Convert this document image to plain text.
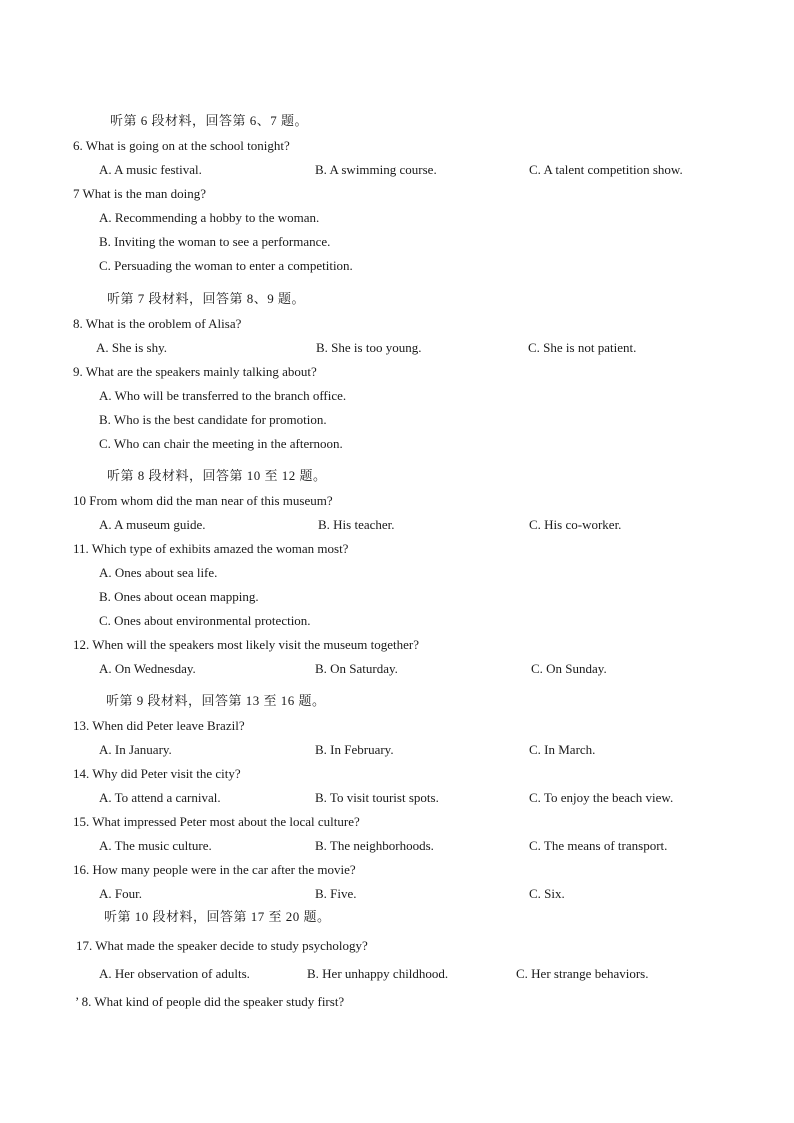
听第 6 段材料，回答第 6、7 题。
6. What is going on at the school tonight?
A. A music festival.	B. A swimming course.	C. A talent competition show.
7 What is the man doing?
A. Recommending a hobby to the woman.
B. Inviting the woman to see a performance.
C. Persuading the woman to enter a competition.
听第 7 段材料，回答第 8、9 题。
8. What is the oroblem of Alisa?
A. She is shy.	B. She is too young.	C. She is not patient.
9. What are the speakers mainly talking about?
A. Who will be transferred to the branch office.
B. Who is the best candidate for promotion.
C. Who can chair the meeting in the afternoon.
听第 8 段材料，回答第 10 至 12 题。
10 From whom did the man near of this museum?
A. A museum guide.	B. His teacher.	C. His co-worker.
11. Which type of exhibits amazed the woman most?
A. Ones about sea life.
B. Ones about ocean mapping.
C. Ones about environmental protection.
12. When will the speakers most likely visit the museum together?
A. On Wednesday.	B. On Saturday.	C. On Sunday.
听第 9 段材料，回答第 13 至 16 题。
13. When did Peter leave Brazil?
A. In January.	B. In February.	C. In March.
14. Why did Peter visit the city?
A. To attend a carnival.	B. To visit tourist spots.	C. To enjoy the beach view.
15. What impressed Peter most about the local culture?
A. The music culture.	B. The neighborhoods.	C. The means of transport.
16. How many people were in the car after the movie?
A. Four.	B. Five.	C. Six.
听第 10 段材料，回答第 17 至 20 题。
17. What made the speaker decide to study psychology?
A. Her observation of adults.	B. Her unhappy childhood.	C. Her strange behaviors.
’ 8. What kind of people did the speaker study first?
